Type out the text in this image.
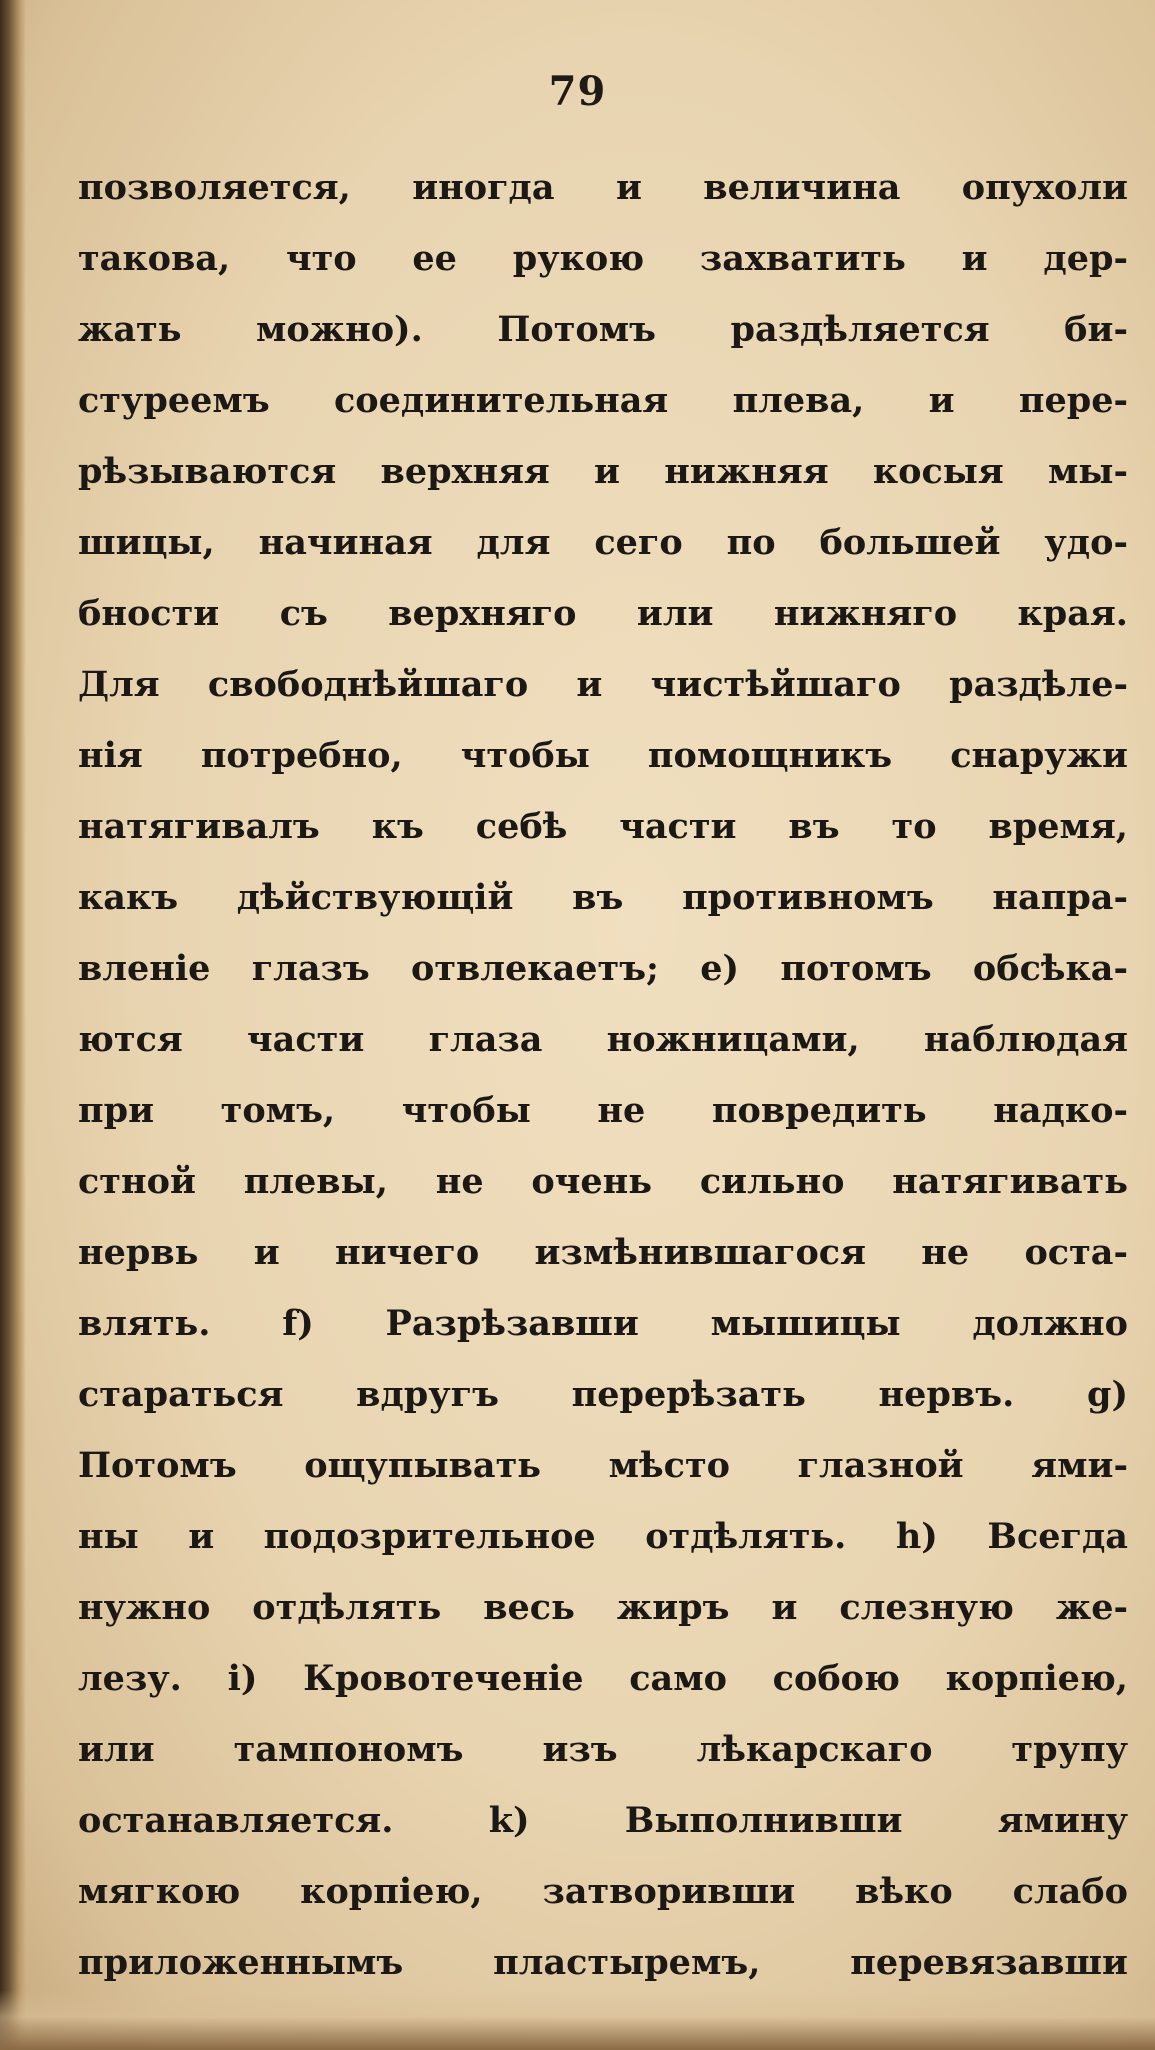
79
позволяется, иногда и величина опухоли
такова, что ее рукою захватить и дер-
жать можно). Потомъ раздѣляется би-
стуреемъ соединительная плева, и пере-
рѣзываются верхняя и нижняя косыя мы-
шицы, начиная для сего по большей удо-
бности съ верхняго или нижняго края.
Для свободнѣйшаго и чистѣйшаго раздѣле-
нія потребно, чтобы помощникъ снаружи
натягивалъ къ себѣ части въ то время,
какъ дѣйствующій въ противномъ напра-
вленіе глазъ отвлекаетъ; e) потомъ обсѣка-
ются части глаза ножницами, наблюдая
при томъ, чтобы не повредить надко-
стной плевы, не очень сильно натягивать
нервь и ничего измѣнившагося не оста-
влять. f) Разрѣзавши мышицы должно
стараться вдругъ перерѣзать нервъ. g)
Потомъ ощупывать мѣсто глазной ями-
ны и подозрительное отдѣлять. h) Всегда
нужно отдѣлять весь жиръ и слезную же-
лезу. i) Кровотеченіе само собою корпіею,
или тампономъ изъ лѣкарскаго трупу
останавляется. k) Выполнивши ямину
мягкою корпіею, затворивши вѣко слабо
приложеннымъ пластыремъ, перевязавши
